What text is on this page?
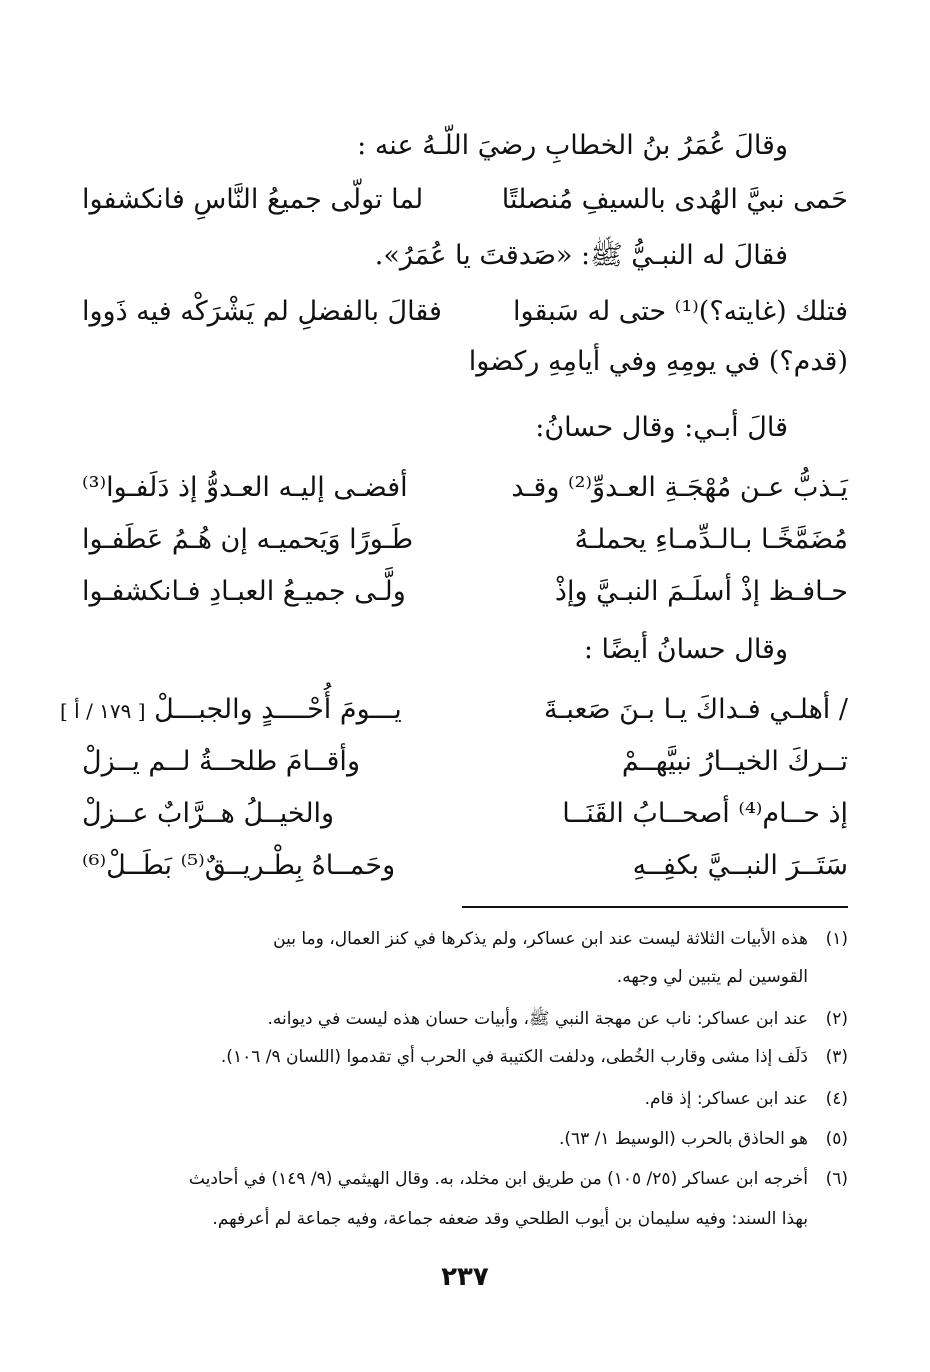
وقالَ عُمَرُ بنُ الخطابِ رضيَ اللّـهُ عنه :
حَمى نبيَّ الهُدى بالسيفِ مُنصلتًا
لما تولّى جميعُ النَّاسِ فانكشفوا
فقالَ له النبـيُّ ﷺ: «صَدقتَ يا عُمَرُ».
فتلك (غايته؟)⁽¹⁾ حتى له سَبقوا
فقالَ بالفضلِ لم يَشْرَكْه فيه ذَووا
(قدم؟) في يومِهِ وفي أيامِهِ ركضوا
قالَ أبـي: وقال حسانُ:
يَـذبُّ عـن مُهْجَـةِ العـدوِّ⁽²⁾ وقـد
أفضـى إليـه العـدوُّ إذ دَلَفـوا⁽³⁾
مُضَمَّخًـا بـالـدِّمـاءِ يحملـهُ
طَـورًا وَيَحميـه إن هُـمُ عَطَفـوا
حـافـظ إذْ أسلَـمَ النبـيَّ وإذْ
ولَّـى جميـعُ العبـادِ فـانكشفـوا
وقال حسانُ أيضًا :
/ أهلـي فـداكَ يـا بـنَ صَعبـةَ
يـــومَ أُحْــــدٍ والجبـــلْ [ ١٧٩ / أ ]
تــركَ الخيــارُ نبيَّهــمْ
وأقــامَ طلحــةُ لــم يــزلْ
إذ حــام⁽⁴⁾ أصحــابُ القَنَــا
والخيــلُ هــرَّابٌ عــزلْ
سَتَــرَ النبــيَّ بكفِــهِ
وحَمــاهُ بِطْـريــقٌ⁽⁵⁾ بَطَــلْ⁽⁶⁾
(١)هذه الأبيات الثلاثة ليست عند ابن عساكر، ولم يذكرها في كنز العمال، وما بين
القوسين لم يتبين لي وجهه.
(٢)عند ابن عساكر: ناب عن مهجة النبي ﷺ، وأبيات حسان هذه ليست في ديوانه.
(٣)دَلَف إذا مشى وقارب الخُطى، ودلفت الكتيبة في الحرب أي تقدموا (اللسان ٩/ ١٠٦).
(٤)عند ابن عساكر: إذ قام.
(٥)هو الحاذق بالحرب (الوسيط ١/ ٦٣).
(٦)أخرجه ابن عساكر (٢٥/ ١٠٥) من طريق ابن مخلد، به. وقال الهيثمي (٩/ ١٤٩) في أحاديث
بهذا السند: وفيه سليمان بن أيوب الطلحي وقد ضعفه جماعة، وفيه جماعة لم أعرفهم.
٢٣٧
